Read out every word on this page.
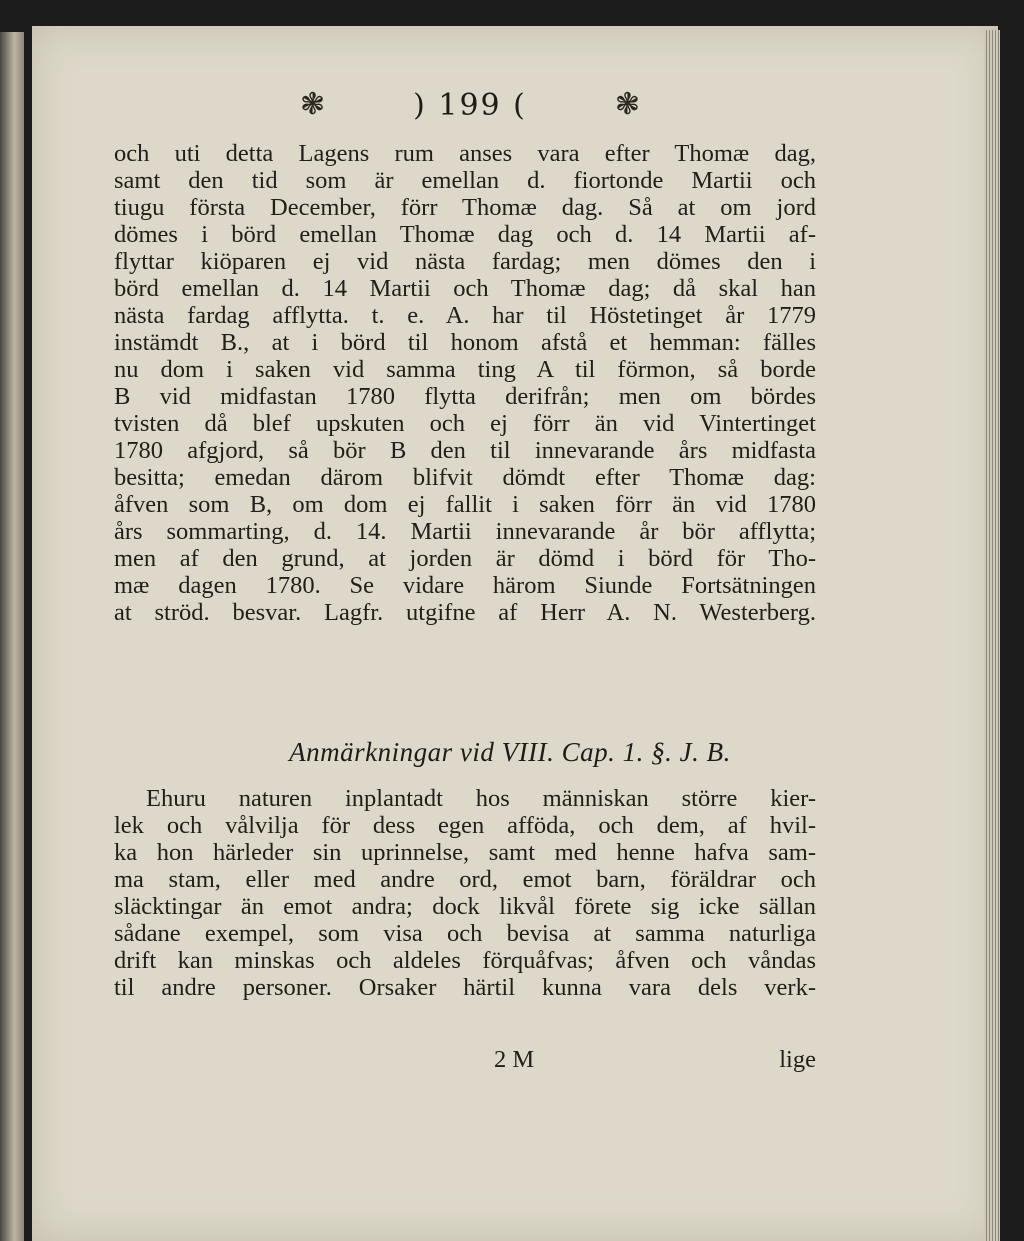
❃	) 199 (	❃
och uti detta Lagens rum anses vara efter Thomæ dag,
samt den tid som är emellan d. fiortonde Martii och
tiugu första December, förr Thomæ dag. Så at om jord
dömes i börd emellan Thomæ dag och d. 14 Martii af-
flyttar kiöparen ej vid nästa fardag; men dömes den i
börd emellan d. 14 Martii och Thomæ dag; då skal han
nästa fardag afflytta. t. e. A. har til Höstetinget år 1779
instämdt B., at i börd til honom afstå et hemman: fälles
nu dom i saken vid samma ting A til förmon, så borde
B vid midfastan 1780 flytta derifrån; men om bördes
tvisten då blef upskuten och ej förr än vid Vintertinget
1780 afgjord, så bör B den til innevarande års midfasta
besitta; emedan därom blifvit dömdt efter Thomæ dag:
åfven som B, om dom ej fallit i saken förr än vid 1780
års sommarting, d. 14. Martii innevarande år bör afflytta;
men af den grund, at jorden är dömd i börd för Tho-
mæ dagen 1780. Se vidare härom Siunde Fortsätningen
at ströd. besvar. Lagfr. utgifne af Herr A. N. Westerberg.
Anmärkningar vid VIII. Cap. 1. §. J. B.
Ehuru naturen inplantadt hos människan större kier-
lek och vålvilja för dess egen afföda, och dem, af hvil-
ka hon härleder sin uprinnelse, samt med henne hafva sam-
ma stam, eller med andre ord, emot barn, föräldrar och
släcktingar än emot andra; dock likvål förete sig icke sällan
sådane exempel, som visa och bevisa at samma naturliga
drift kan minskas och aldeles förquåfvas; åfven och våndas
til andre personer. Orsaker härtil kunna vara dels verk-
2 M	lige
